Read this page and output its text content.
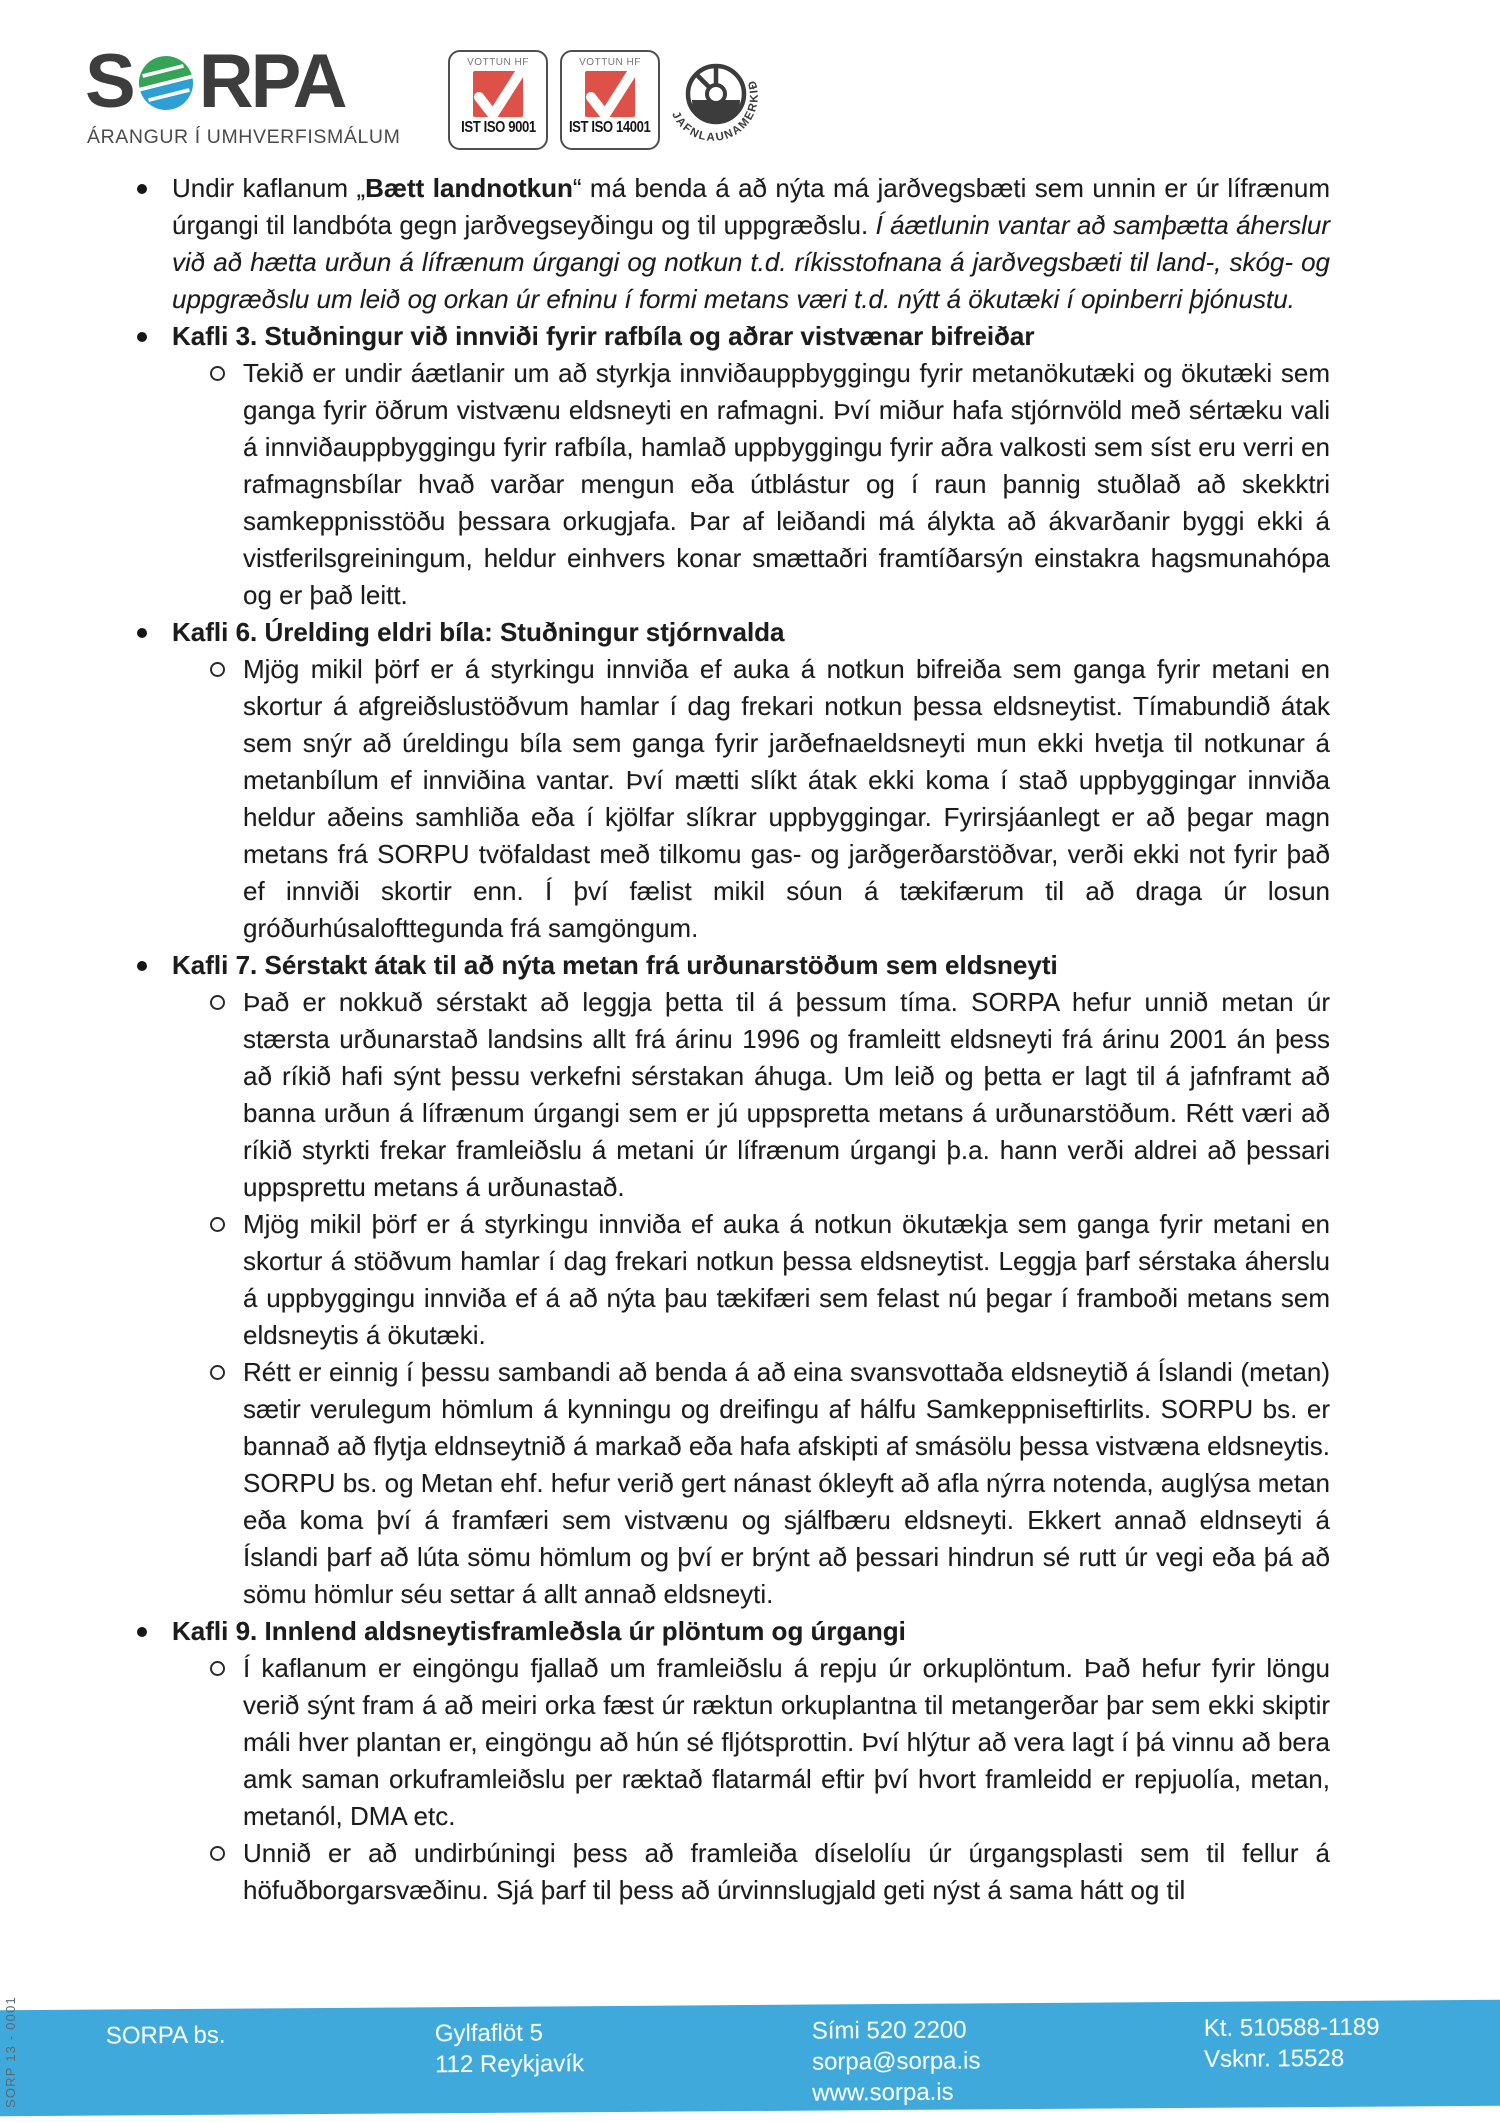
S RPA
ÁRANGUR Í UMHVERFISMÁLUM
VOTTUN HF
IST ISO 9001
VOTTUN HF
IST ISO 14001
JAFNLAUNAMERKIÐ

Undir kaflanum „Bætt landnotkun“ má benda á að nýta má jarðvegsbæti sem unnin er úr lífrænum úrgangi til landbóta gegn jarðvegseyðingu og til uppgræðslu. Í áætlunin vantar að samþætta áherslur við að hætta urðun á lífrænum úrgangi og notkun t.d. ríkisstofnana á jarðvegsbæti til land-, skóg- og uppgræðslu um leið og orkan úr efninu í formi metans væri t.d. nýtt á ökutæki í opinberri þjónustu.

Kafli 3. Stuðningur við innviði fyrir rafbíla og aðrar vistvænar bifreiðar

Tekið er undir áætlanir um að styrkja innviðauppbyggingu fyrir metanökutæki og ökutæki sem ganga fyrir öðrum vistvænu eldsneyti en rafmagni. Því miður hafa stjórnvöld með sértæku vali á innviðauppbyggingu fyrir rafbíla, hamlað uppbyggingu fyrir aðra valkosti sem síst eru verri en rafmagnsbílar hvað varðar mengun eða útblástur og í raun þannig stuðlað að skekktri samkeppnisstöðu þessara orkugjafa. Þar af leiðandi má álykta að ákvarðanir byggi ekki á vistferilsgreiningum, heldur einhvers konar smættaðri framtíðarsýn einstakra hagsmunahópa og er það leitt.

Kafli 6. Úrelding eldri bíla: Stuðningur stjórnvalda

Mjög mikil þörf er á styrkingu innviða ef auka á notkun bifreiða sem ganga fyrir metani en skortur á afgreiðslustöðvum hamlar í dag frekari notkun þessa eldsneytist. Tímabundið átak sem snýr að úreldingu bíla sem ganga fyrir jarðefnaeldsneyti mun ekki hvetja til notkunar á metanbílum ef innviðina vantar. Því mætti slíkt átak ekki koma í stað uppbyggingar innviða heldur aðeins samhliða eða í kjölfar slíkrar uppbyggingar. Fyrirsjáanlegt er að þegar magn metans frá SORPU tvöfaldast með tilkomu gas- og jarðgerðarstöðvar, verði ekki not fyrir það ef innviði skortir enn. Í því fælist mikil sóun á tækifærum til að draga úr losun gróðurhúsalofttegunda frá samgöngum.

Kafli 7. Sérstakt átak til að nýta metan frá urðunarstöðum sem eldsneyti

Það er nokkuð sérstakt að leggja þetta til á þessum tíma. SORPA hefur unnið metan úr stærsta urðunarstað landsins allt frá árinu 1996 og framleitt eldsneyti frá árinu 2001 án þess að ríkið hafi sýnt þessu verkefni sérstakan áhuga. Um leið og þetta er lagt til á jafnframt að banna urðun á lífrænum úrgangi sem er jú uppspretta metans á urðunarstöðum. Rétt væri að ríkið styrkti frekar framleiðslu á metani úr lífrænum úrgangi þ.a. hann verði aldrei að þessari uppsprettu metans á urðunastað.

Mjög mikil þörf er á styrkingu innviða ef auka á notkun ökutækja sem ganga fyrir metani en skortur á stöðvum hamlar í dag frekari notkun þessa eldsneytist. Leggja þarf sérstaka áherslu á uppbyggingu innviða ef á að nýta þau tækifæri sem felast nú þegar í framboði metans sem eldsneytis á ökutæki.

Rétt er einnig í þessu sambandi að benda á að eina svansvottaða eldsneytið á Íslandi (metan) sætir verulegum hömlum á kynningu og dreifingu af hálfu Samkeppniseftirlits. SORPU bs. er bannað að flytja eldnseytnið á markað eða hafa afskipti af smásölu þessa vistvæna eldsneytis. SORPU bs. og Metan ehf. hefur verið gert nánast ókleyft að afla nýrra notenda, auglýsa metan eða koma því á framfæri sem vistvænu og sjálfbæru eldsneyti. Ekkert annað eldnseyti á Íslandi þarf að lúta sömu hömlum og því er brýnt að þessari hindrun sé rutt úr vegi eða þá að sömu hömlur séu settar á allt annað eldsneyti.

Kafli 9. Innlend aldsneytisframleðsla úr plöntum og úrgangi

Í kaflanum er eingöngu fjallað um framleiðslu á repju úr orkuplöntum. Það hefur fyrir löngu verið sýnt fram á að meiri orka fæst úr ræktun orkuplantna til metangerðar þar sem ekki skiptir máli hver plantan er, eingöngu að hún sé fljótsprottin. Því hlýtur að vera lagt í þá vinnu að bera amk saman orkuframleiðslu per ræktað flatarmál eftir því hvort framleidd er repjuolía, metan, metanól, DMA etc.

Unnið er að undirbúningi þess að framleiða díselolíu úr úrgangsplasti sem til fellur á höfuðborgarsvæðinu. Sjá þarf til þess að úrvinnslugjald geti nýst á sama hátt og til

SORPA bs.	Gylfaflöt 5
112 Reykjavík
Sími 520 2200
sorpa@sorpa.is
www.sorpa.is
Kt. 510588-1189
Vsknr. 15528
SORP 13 - 0001
